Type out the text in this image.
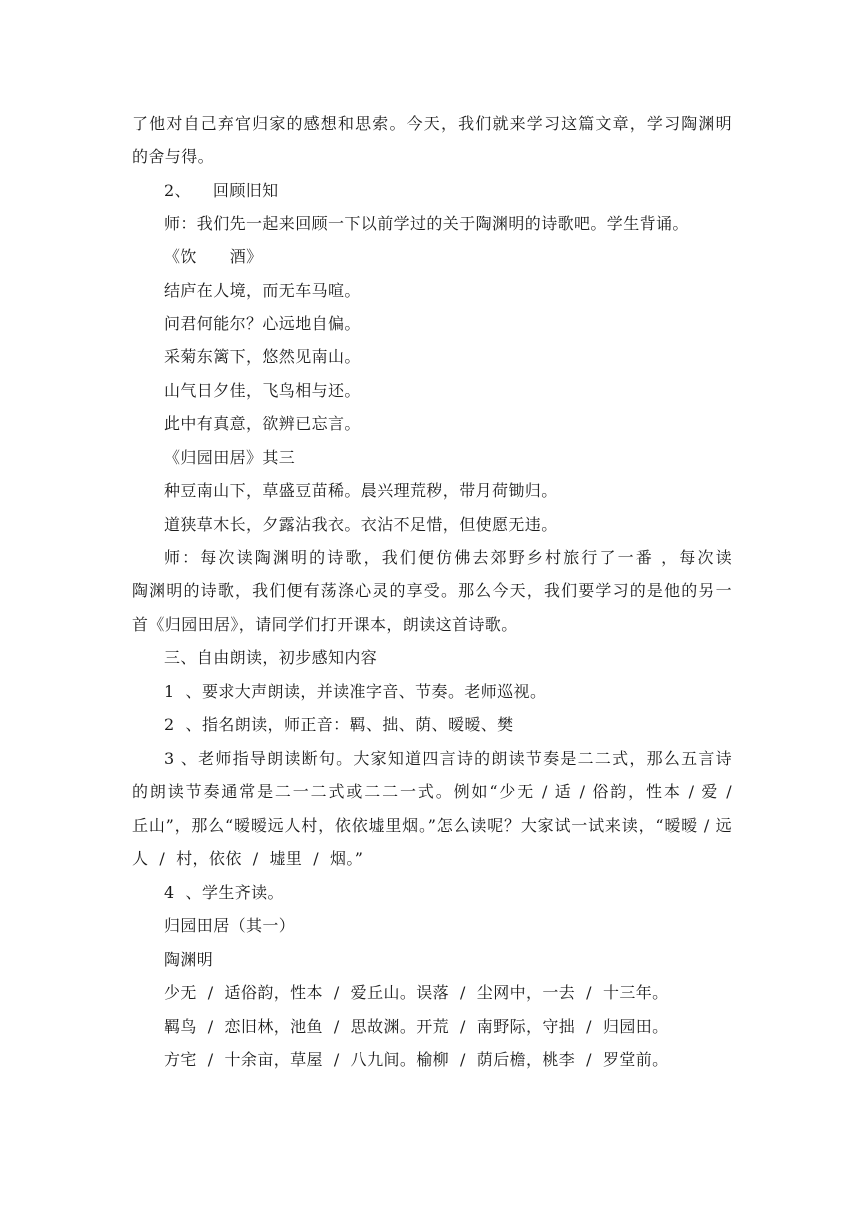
了他对自己弃官归家的感想和思索。今天，我们就来学习这篇文章，学习陶渊明
的舍与得。
2、    回顾旧知
师：我们先一起来回顾一下以前学过的关于陶渊明的诗歌吧。学生背诵。
《饮      酒》
结庐在人境，而无车马喧。
问君何能尔？心远地自偏。
采菊东篱下，悠然见南山。
山气日夕佳，飞鸟相与还。
此中有真意，欲辨已忘言。
《归园田居》其三
种豆南山下，草盛豆苗稀。晨兴理荒秽，带月荷锄归。
道狭草木长，夕露沾我衣。衣沾不足惜，但使愿无违。
师：每次读陶渊明的诗歌，我们便仿佛去郊野乡村旅行了一番 ，每次读
陶渊明的诗歌，我们便有荡涤心灵的享受。那么今天，我们要学习的是他的另一
首《归园田居》，请同学们打开课本，朗读这首诗歌。
三、自由朗读，初步感知内容
1  、要求大声朗读，并读准字音、节奏。老师巡视。
2  、指名朗读，师正音：羁、拙、荫、暧暧、樊
3 、老师指导朗读断句。大家知道四言诗的朗读节奏是二二式，那么五言诗
的朗读节奏通常是二一二式或二二一式。例如“少无 / 适 / 俗韵，性本 / 爱 /
丘山”，那么“暧暧远人村，依依墟里烟。”怎么读呢？大家试一试来读，“暧暧 / 远
人  /  村，依依  /  墟里  /  烟。”
4  、学生齐读。
归园田居（其一）
陶渊明
少无  /  适俗韵，性本  /  爱丘山。误落  /  尘网中，一去  /  十三年。
羁鸟  /  恋旧林，池鱼  /  思故渊。开荒  /  南野际，守拙  /  归园田。
方宅  /  十余亩，草屋  /  八九间。榆柳  /  荫后檐，桃李  /  罗堂前。
